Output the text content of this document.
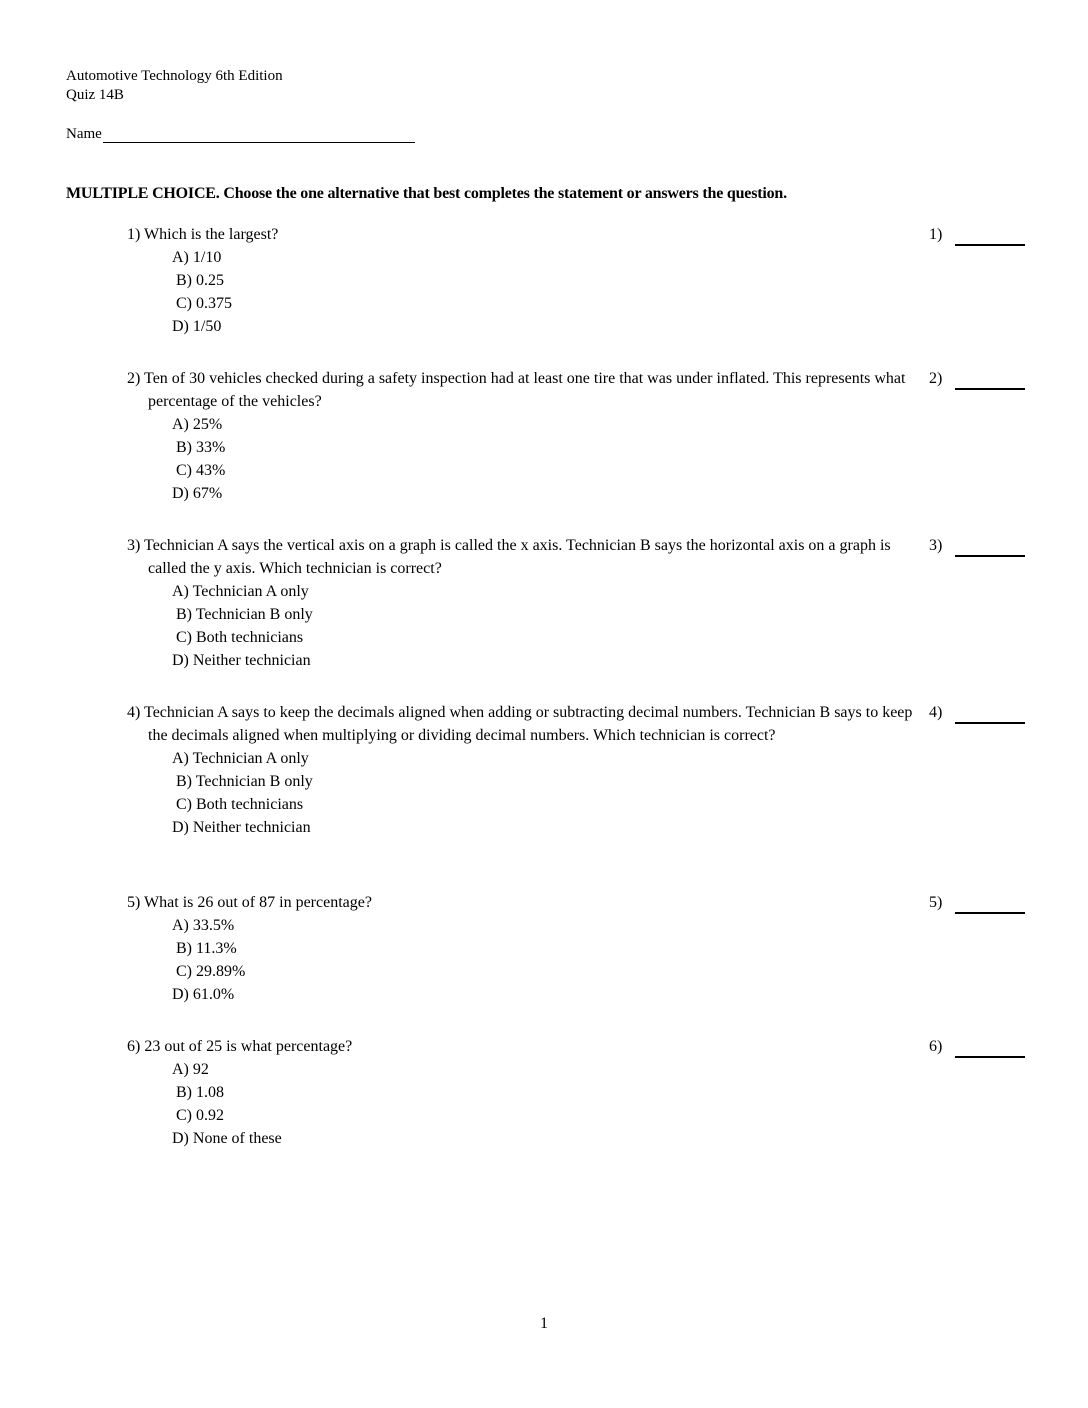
Automotive Technology 6th Edition
Quiz 14B
Name
MULTIPLE CHOICE. Choose the one alternative that best completes the statement or answers the question.
1) Which is the largest?
A) 1/10
B) 0.25
C) 0.375
D) 1/50
1)
2) Ten of 30 vehicles checked during a safety inspection had at least one tire that was under inflated. This represents what percentage of the vehicles?
A) 25%
B) 33%
C) 43%
D) 67%
2)
3) Technician A says the vertical axis on a graph is called the x axis. Technician B says the horizontal axis on a graph is called the y axis. Which technician is correct?
A) Technician A only
B) Technician B only
C) Both technicians
D) Neither technician
3)
4) Technician A says to keep the decimals aligned when adding or subtracting decimal numbers. Technician B says to keep the decimals aligned when multiplying or dividing decimal numbers. Which technician is correct?
A) Technician A only
B) Technician B only
C) Both technicians
D) Neither technician
4)
5) What is 26 out of 87 in percentage?
A) 33.5%
B) 11.3%
C) 29.89%
D) 61.0%
5)
6) 23 out of 25 is what percentage?
A) 92
B) 1.08
C) 0.92
D) None of these
6)
1
